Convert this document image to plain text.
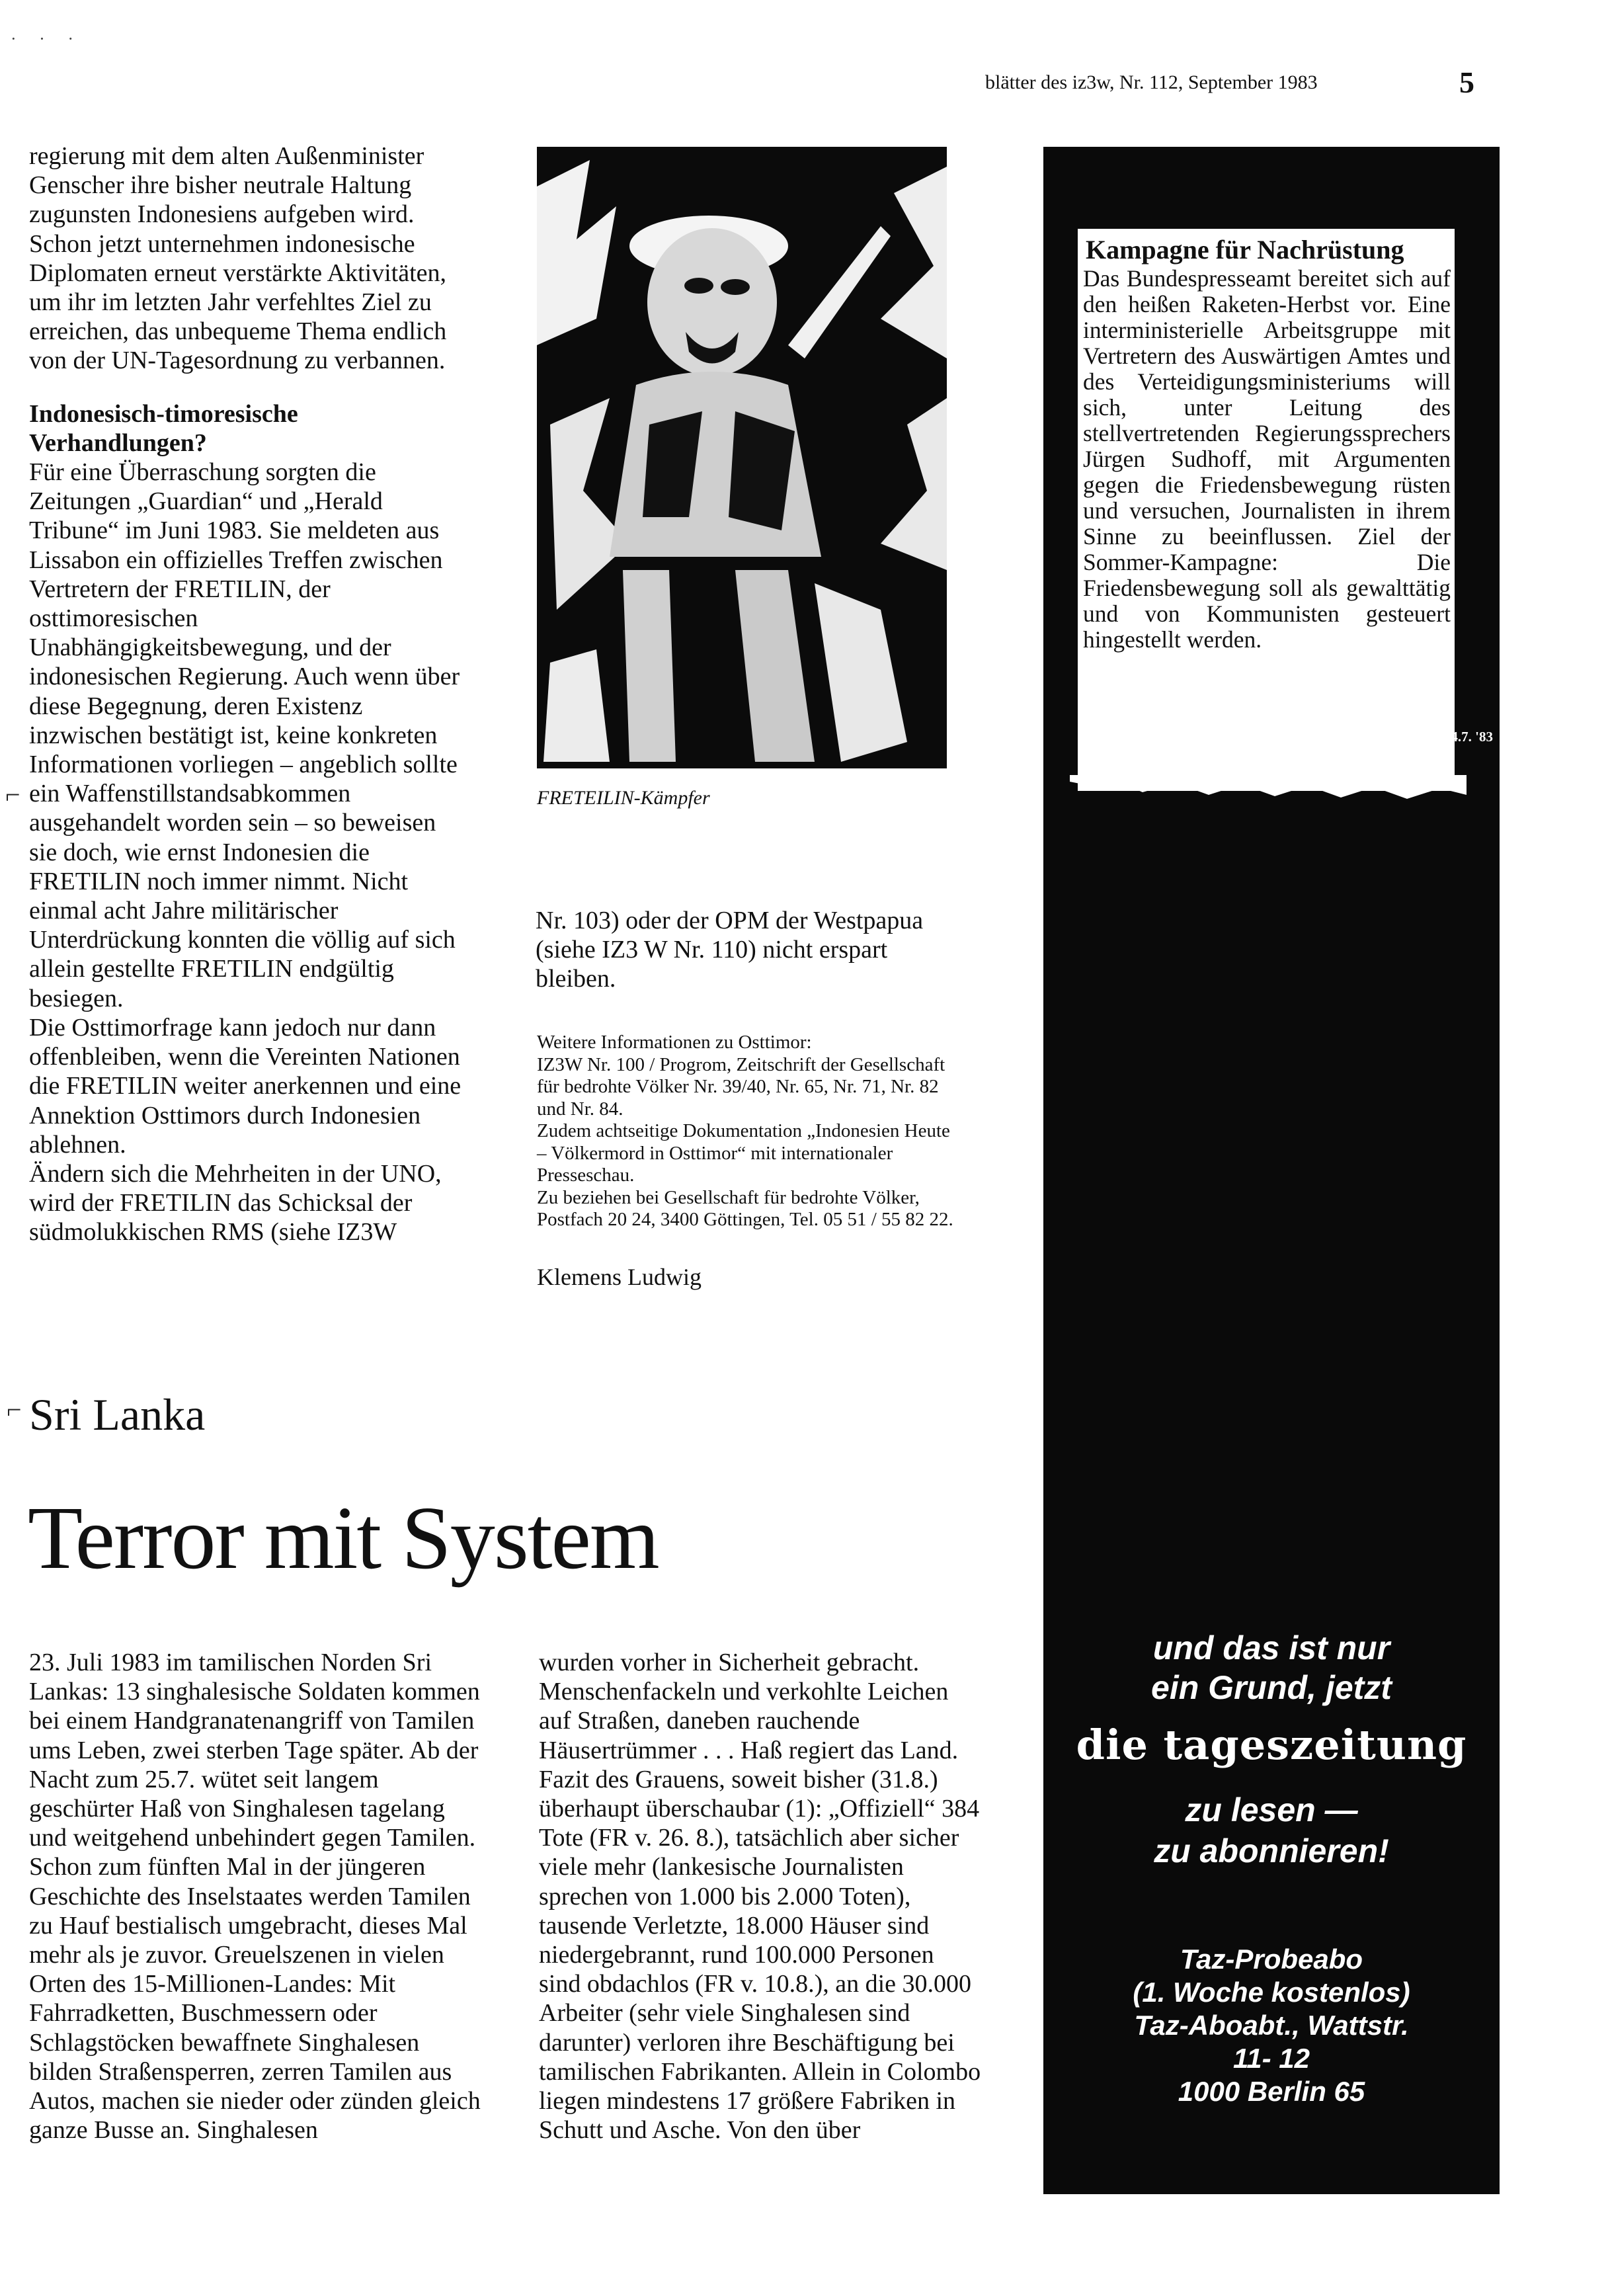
· · ·
blätter des iz3w, Nr. 112, September 1983	5

regierung mit dem alten Außenminister Genscher ihre bisher neutrale Haltung zugunsten Indonesiens aufgeben wird. Schon jetzt unternehmen indonesische Diplomaten erneut verstärkte Aktivitäten, um ihr im letzten Jahr verfehltes Ziel zu erreichen, das unbequeme Thema endlich von der UN-Tagesordnung zu verbannen.

Indonesisch-timoresische Verhandlungen?

Für eine Überraschung sorgten die Zeitungen „Guardian“ und „Herald Tribune“ im Juni 1983. Sie meldeten aus Lissabon ein offizielles Treffen zwischen Vertretern der FRETILIN, der osttimoresischen Unabhängigkeitsbewegung, und der indonesischen Regierung. Auch wenn über diese Begegnung, deren Existenz inzwischen bestätigt ist, keine konkreten Informationen vorliegen – angeblich sollte ein Waffenstillstandsabkommen ausgehandelt worden sein – so beweisen sie doch, wie ernst Indonesien die FRETILIN noch immer nimmt. Nicht einmal acht Jahre militärischer Unterdrückung konnten die völlig auf sich allein gestellte FRETILIN endgültig besiegen.

Die Osttimorfrage kann jedoch nur dann offenbleiben, wenn die Vereinten Nationen die FRETILIN weiter anerkennen und eine Annektion Osttimors durch Indonesien ablehnen.

Ändern sich die Mehrheiten in der UNO, wird der FRETILIN das Schicksal der südmolukkischen RMS (siehe IZ3W

⌐	FRETEILIN-Kämpfer

Nr. 103) oder der OPM der Westpapua (siehe IZ3 W Nr. 110) nicht erspart bleiben.

Weitere Informationen zu Osttimor:

IZ3W Nr. 100 / Progrom, Zeitschrift der Gesellschaft für bedrohte Völker Nr. 39/40, Nr. 65, Nr. 71, Nr. 82 und Nr. 84.

Zudem achtseitige Dokumentation „Indonesien Heute – Völkermord in Osttimor“ mit internationaler Presseschau.

Zu beziehen bei Gesellschaft für bedrohte Völker, Postfach 20 24, 3400 Göttingen, Tel. 05 51 / 55 82 22.

Klemens Ludwig
⌐ Sri Lanka
Terror mit System

23. Juli 1983 im tamilischen Norden Sri Lankas: 13 singhalesische Soldaten kommen bei einem Handgranatenangriff von Tamilen ums Leben, zwei sterben Tage später. Ab der Nacht zum 25.7. wütet seit langem geschürter Haß von Singhalesen tagelang und weitgehend unbehindert gegen Tamilen. Schon zum fünften Mal in der jüngeren Geschichte des Inselstaates werden Tamilen zu Hauf bestialisch umgebracht, dieses Mal mehr als je zuvor. Greuelszenen in vielen Orten des 15-Millionen-Landes: Mit Fahrradketten, Buschmessern oder Schlagstöcken bewaffnete Singhalesen bilden Straßensperren, zerren Tamilen aus Autos, machen sie nieder oder zünden gleich ganze Busse an. Singhalesen

wurden vorher in Sicherheit gebracht. Menschenfackeln und verkohlte Leichen auf Straßen, daneben rauchende Häusertrümmer . . . Haß regiert das Land.

Fazit des Grauens, soweit bisher (31.8.) überhaupt überschaubar (1): „Offiziell“ 384 Tote (FR v. 26. 8.), tatsächlich aber sicher viele mehr (lankesische Journalisten sprechen von 1.000 bis 2.000 Toten), tausende Verletzte, 18.000 Häuser sind niedergebrannt, rund 100.000 Personen sind obdachlos (FR v. 10.8.), an die 30.000 Arbeiter (sehr viele Singhalesen sind darunter) verloren ihre Beschäftigung bei tamilischen Fabrikanten. Allein in Colombo liegen mindestens 17 größere Fabriken in Schutt und Asche. Von den über

Kampagne für Nachrüstung
Das Bundespresseamt bereitet sich auf den heißen Raketen-Herbst vor. Eine interministerielle Arbeitsgruppe mit Vertretern des Auswärtigen Amtes und des Verteidigungsministeriums will sich, unter Leitung des stellvertretenden Regierungssprechers Jürgen Sudhoff, mit Argumenten gegen die Friedensbewegung rüsten und versuchen, Journalisten in ihrem Sinne zu beeinflussen. Ziel der Sommer-Kampagne: Die Friedensbewegung soll als gewalttätig und von Kommunisten gesteuert hingestellt werden.
aus: Spiegel Nr. 27, 4.7. '83
und das ist nur
ein Grund, jetzt
die tageszeitung
zu lesen —
zu abonnieren!
Taz-Probeabo
(1. Woche kostenlos)
Taz-Aboabt., Wattstr.
11- 12
1000 Berlin 65
